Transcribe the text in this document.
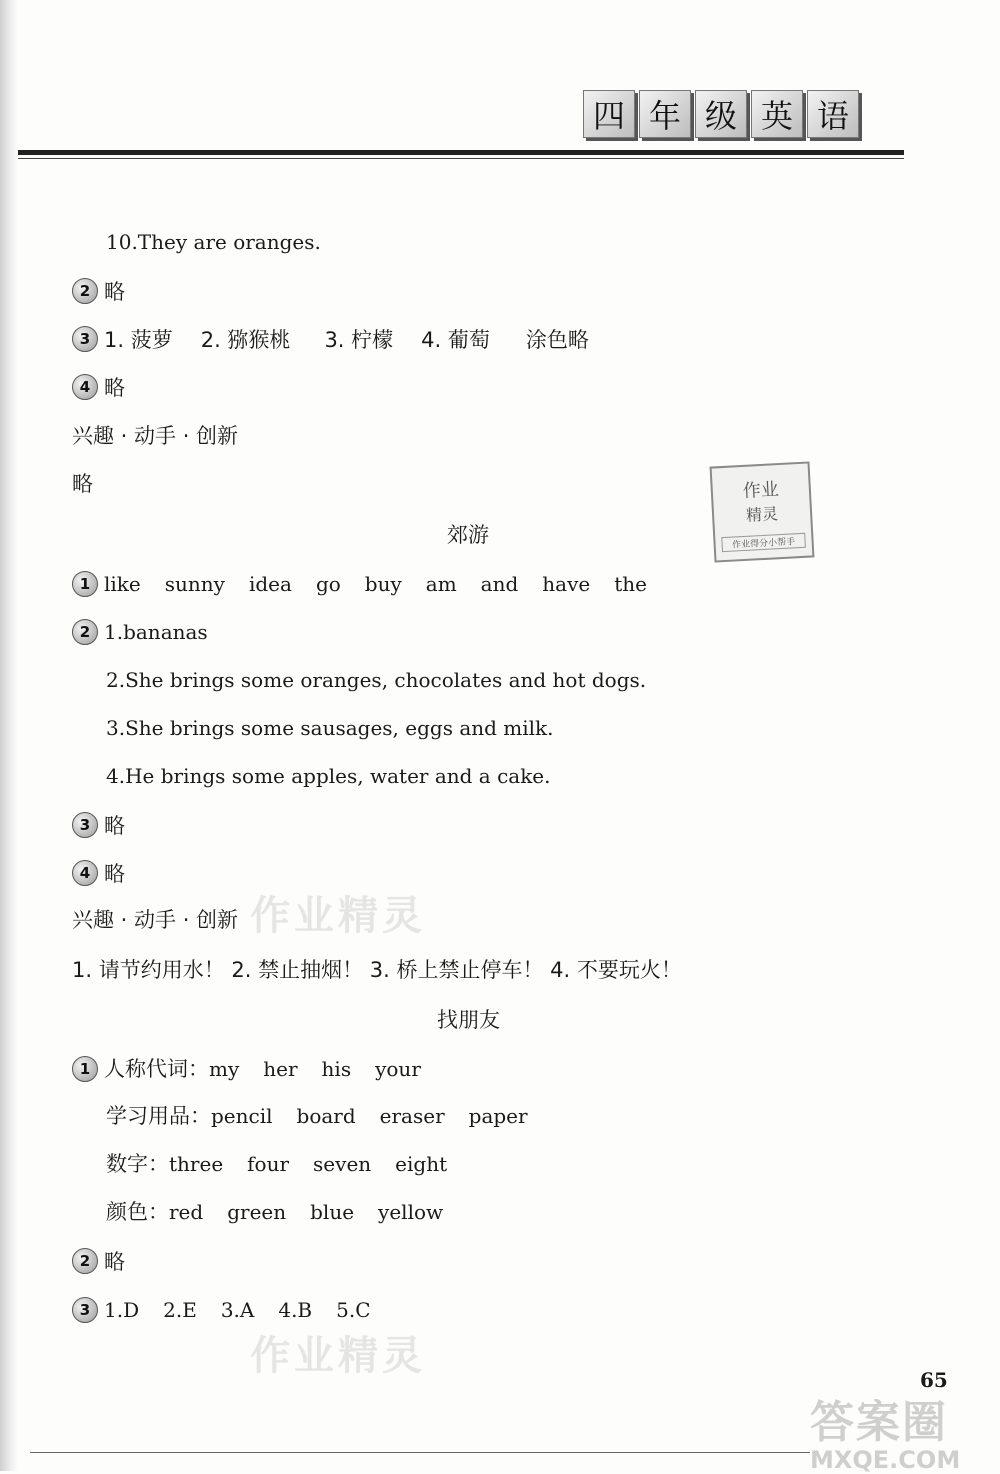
四 年 级 英 语
10.They are oranges.
2 略
3 1. 菠萝 2. 猕猴桃 3. 柠檬 4. 葡萄 涂色略
4 略
兴趣 · 动手 · 创新
略	作业
精灵
作业得分小帮手
郊游
1 like sunny idea go buy am and have the
2 1.bananas
2.She brings some oranges, chocolates and hot dogs.
3.She brings some sausages, eggs and milk.
4.He brings some apples, water and a cake.
3 略
4 略
兴趣 · 动手 · 创新 作业精灵
1. 请节约用水！ 2. 禁止抽烟！ 3. 桥上禁止停车！ 4. 不要玩火！
找朋友
1 人称代词：my her his your
学习用品：pencil board eraser paper
数字：three four seven eight
颜色：red green blue yellow
2 略
3 1.D 2.E 3.A 4.B 5.C
作业精灵
65
答案圈
MXQE.COM
